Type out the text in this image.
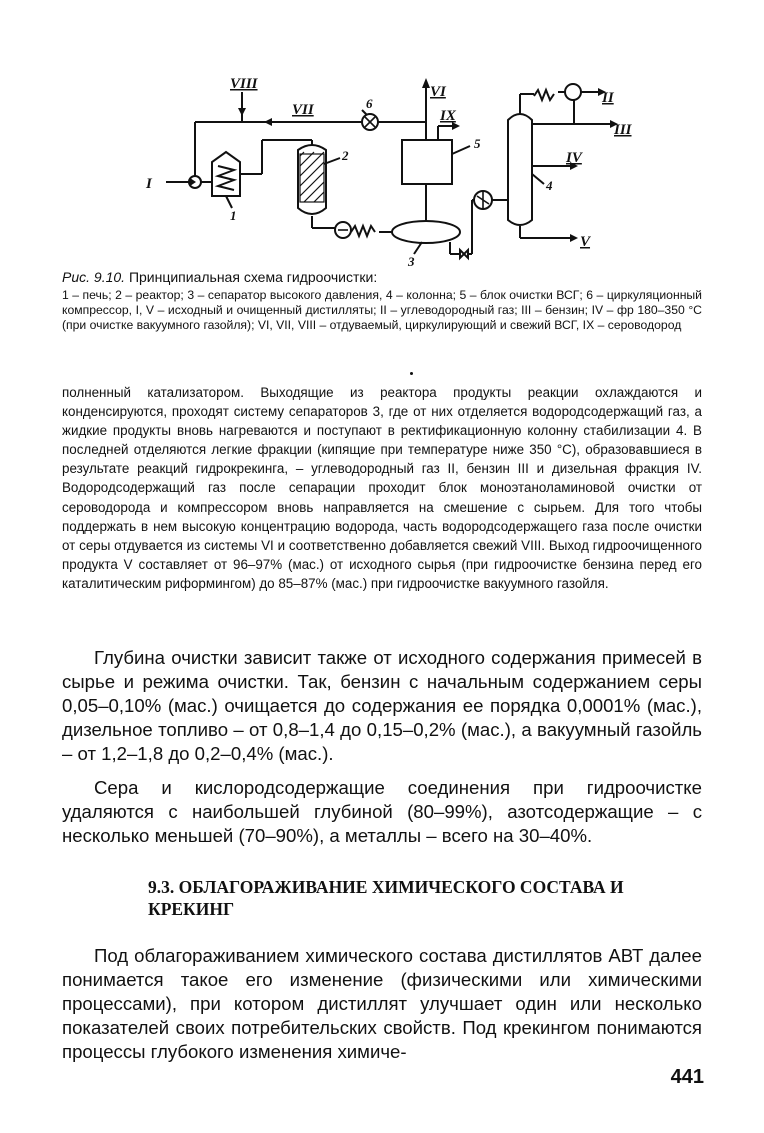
I
VIII
VII
VI
IX
II
III
IV
V
1
2
3
4
5
6
Рис. 9.10. Принципиальная схема гидроочистки:
1 – печь; 2 – реактор; 3 – сепаратор высокого давления, 4 – колонна; 5 – блок очистки ВСГ; 6 – циркуляционный компрессор, I, V – исходный и очищенный дистилляты; II – углеводородный газ; III – бензин; IV – фр 180–350 °С (при очистке вакуумного газойля); VI, VII, VIII – отдуваемый, циркулирующий и свежий ВСГ, IX – сероводород

полненный катализатором. Выходящие из реактора продукты реакции охлаждаются и конденсируются, проходят систему сепараторов 3, где от них отделяется водородсодержащий газ, а жидкие продукты вновь нагреваются и поступают в ректификационную колонну стабилизации 4. В последней отделяются легкие фракции (кипящие при температуре ниже 350 °С), образовавшиеся в результате реакций гидрокрекинга, – углеводородный газ II, бензин III и дизельная фракция IV. Водородсодержащий газ после сепарации проходит блок моноэтаноламиновой очистки от сероводорода и компрессором вновь направляется на смешение с сырьем. Для того чтобы поддержать в нем высокую концентрацию водорода, часть водородсодержащего газа после очистки от серы отдувается из системы VI и соответственно добавляется свежий VIII. Выход гидроочищенного продукта V составляет от 96–97% (мас.) от исходного сырья (при гидроочистке бензина перед его каталитическим риформингом) до 85–87% (мас.) при гидроочистке вакуумного газойля.

Глубина очистки зависит также от исходного содержания примесей в сырье и режима очистки. Так, бензин с начальным содержанием серы 0,05–0,10% (мас.) очищается до содержания ее порядка 0,0001% (мас.), дизельное топливо – от 0,8–1,4 до 0,15–0,2% (мас.), а вакуумный газойль – от 1,2–1,8 до 0,2–0,4% (мас.).

Сера и кислородсодержащие соединения при гидроочистке удаляются с наибольшей глубиной (80–99%), азотсодержащие – с несколько меньшей (70–90%), а металлы – всего на 30–40%.

9.3. ОБЛАГОРАЖИВАНИЕ ХИМИЧЕСКОГО СОСТАВА И КРЕКИНГ

Под облагораживанием химического состава дистиллятов АВТ далее понимается такое его изменение (физическими или химическими процессами), при котором дистиллят улучшает один или несколько показателей своих потребительских свойств. Под крекингом понимаются процессы глубокого изменения химиче-

441
